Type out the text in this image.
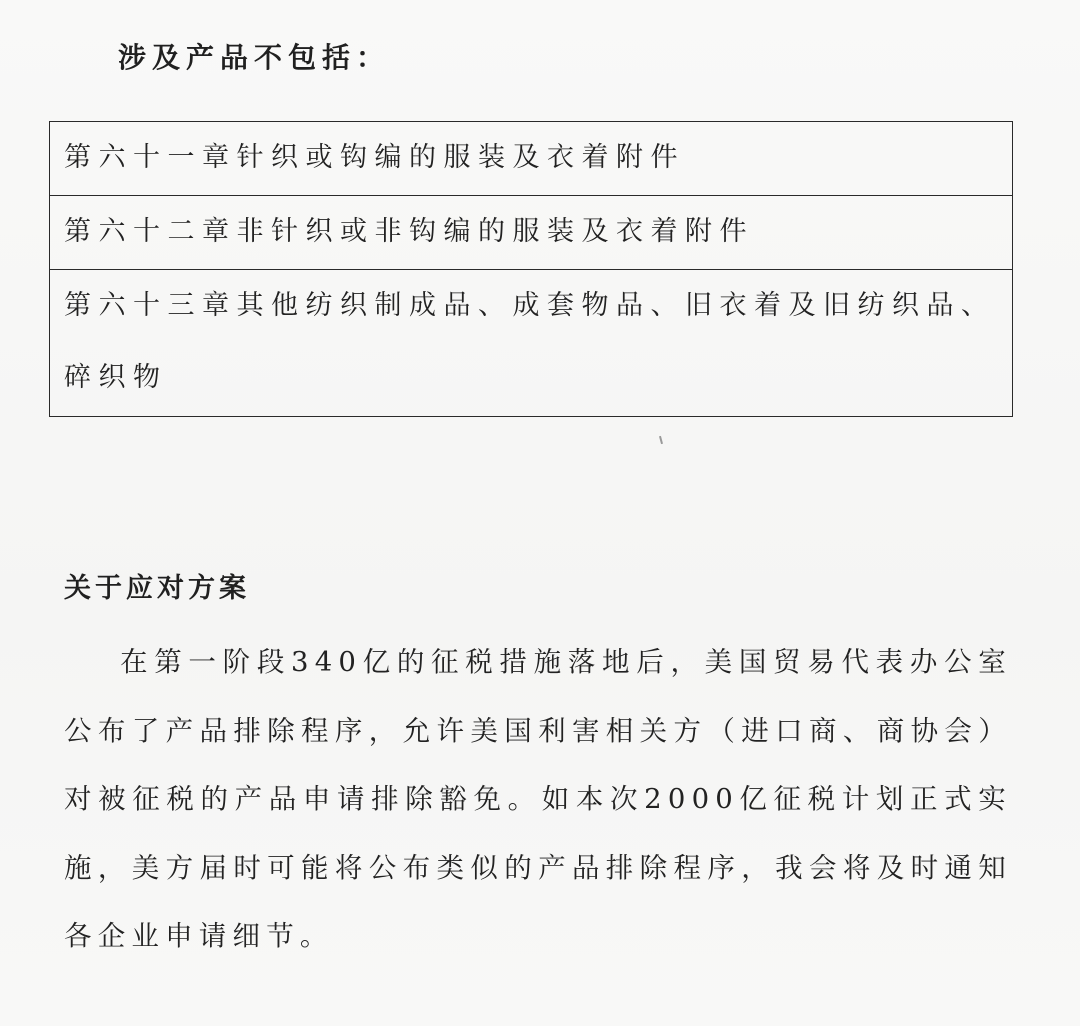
涉及产品不包括：
第六十一章针织或钩编的服装及衣着附件
第六十二章非针织或非钩编的服装及衣着附件
第六十三章其他纺织制成品、成套物品、旧衣着及旧纺织品、碎织物
关于应对方案
在第一阶段340亿的征税措施落地后，美国贸易代表办公室公布了产品排除程序，允许美国利害相关方（进口商、商协会）对被征税的产品申请排除豁免。如本次2000亿征税计划正式实施，美方届时可能将公布类似的产品排除程序，我会将及时通知各企业申请细节。
